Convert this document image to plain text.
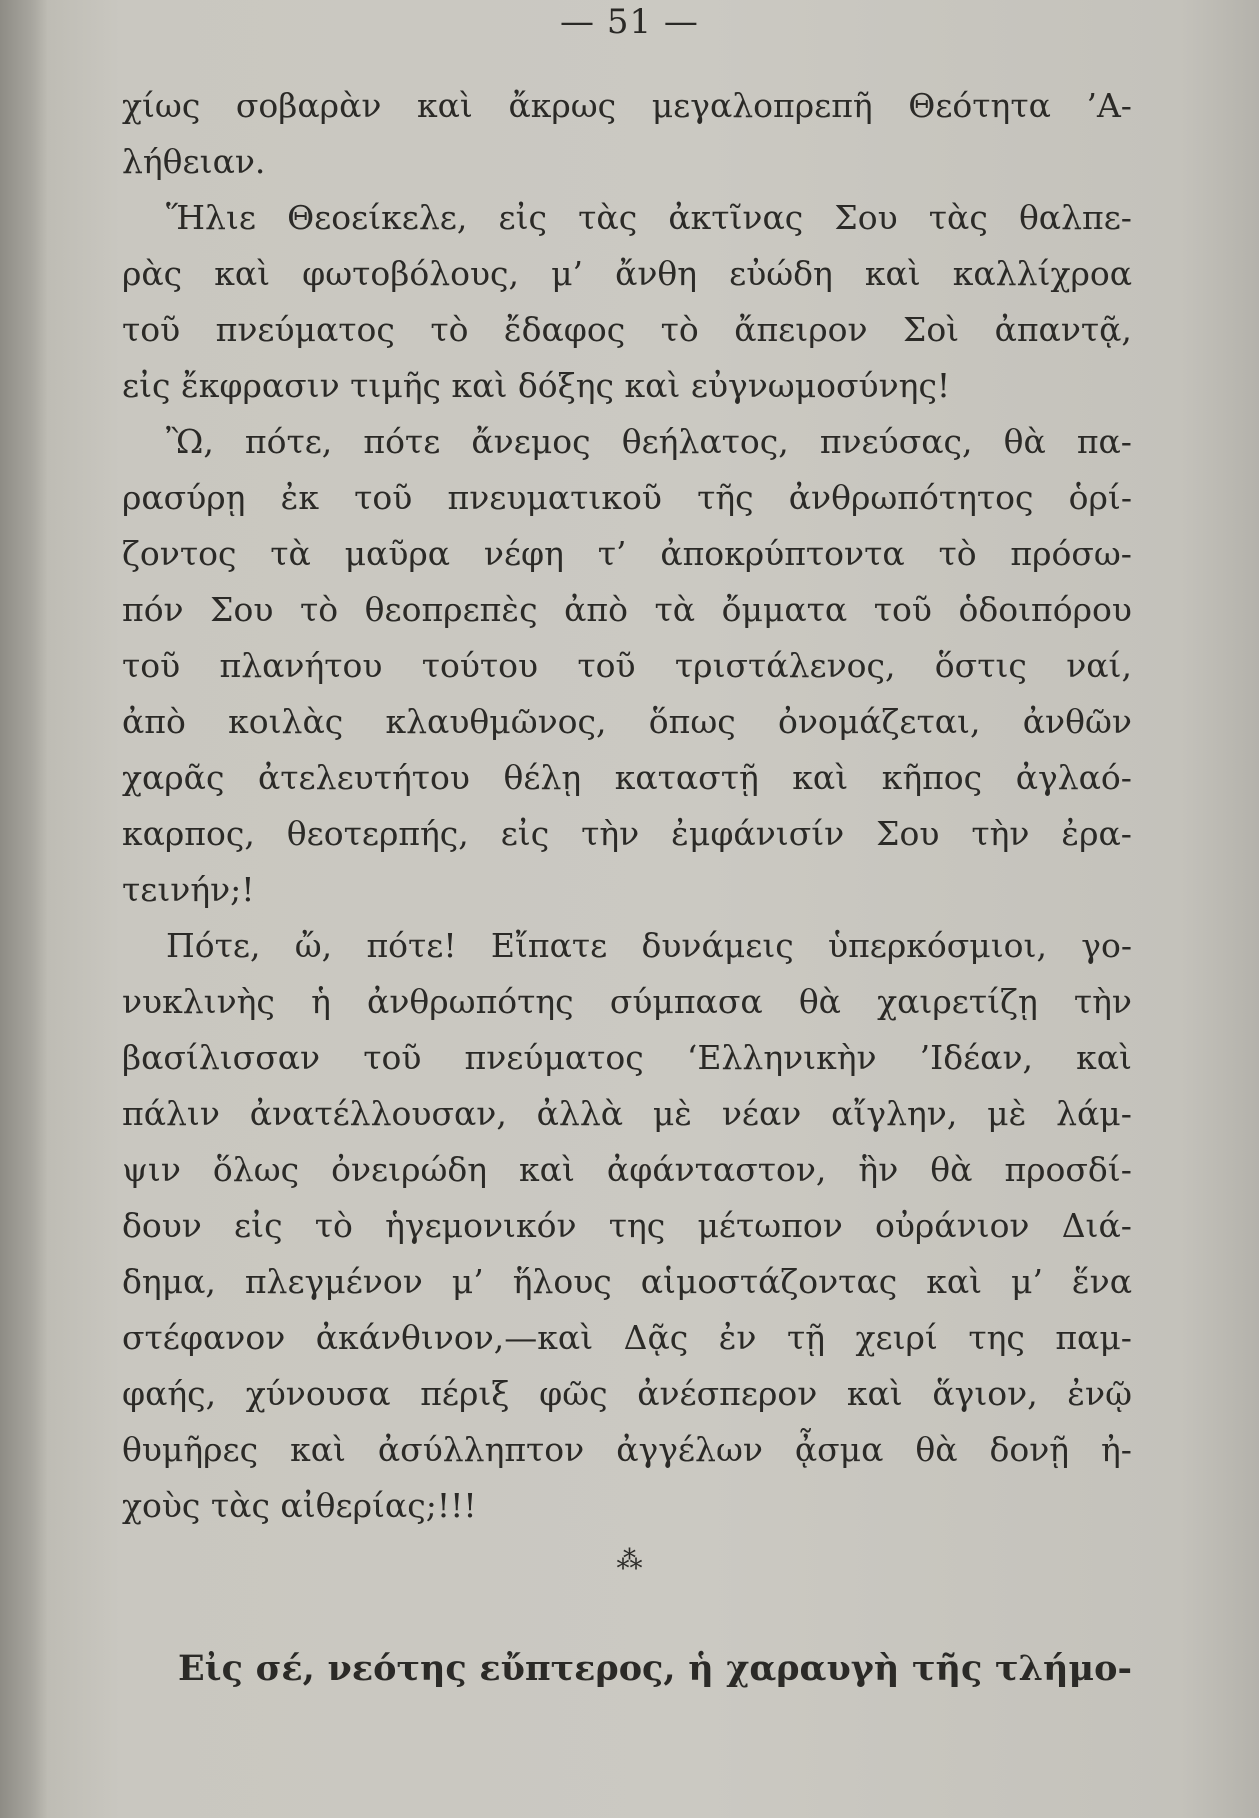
— 51 —
χίως σοβαρὰν καὶ ἄκρως μεγαλοπρεπῆ Θεότητα ’Α-
λήθειαν.
Ἥλιε Θεοείκελε, εἰς τὰς ἀκτῖνας Σου τὰς θαλπε-
ρὰς καὶ φωτοβόλους, μ’ ἄνθη εὐώδη καὶ καλλίχροα
τοῦ πνεύματος τὸ ἔδαφος τὸ ἄπειρον Σοὶ ἀπαντᾷ,
εἰς ἔκφρασιν τιμῆς καὶ δόξης καὶ εὐγνωμοσύνης!
Ὢ, πότε, πότε ἄνεμος θεήλατος, πνεύσας, θὰ πα-
ρασύρῃ ἐκ τοῦ πνευματικοῦ τῆς ἀνθρωπότητος ὁρί-
ζοντος τὰ μαῦρα νέφη τ’ ἀποκρύπτοντα τὸ πρόσω-
πόν Σου τὸ θεοπρεπὲς ἀπὸ τὰ ὄμματα τοῦ ὁδοιπόρου
τοῦ πλανήτου τούτου τοῦ τριστάλενος, ὅστις ναί,
ἀπὸ κοιλὰς κλαυθμῶνος, ὅπως ὀνομάζεται, ἀνθῶν
χαρᾶς ἀτελευτήτου θέλῃ καταστῇ καὶ κῆπος ἀγλαό-
καρπος, θεοτερπής, εἰς τὴν ἐμφάνισίν Σου τὴν ἐρα-
τεινήν;!
Πότε, ὤ, πότε! Εἴπατε δυνάμεις ὑπερκόσμιοι, γο-
νυκλινὴς ἡ ἀνθρωπότης σύμπασα θὰ χαιρετίζῃ τὴν
βασίλισσαν τοῦ πνεύματος ‘Ελληνικὴν ’Ιδέαν, καὶ
πάλιν ἀνατέλλουσαν, ἀλλὰ μὲ νέαν αἴγλην, μὲ λάμ-
ψιν ὅλως ὀνειρώδη καὶ ἀφάνταστον, ἣν θὰ προσδί-
δουν εἰς τὸ ἡγεμονικόν της μέτωπον οὐράνιον Διά-
δημα, πλεγμένον μ’ ἥλους αἱμοστάζοντας καὶ μ’ ἕνα
στέφανον ἀκάνθινον,—καὶ Δᾷς ἐν τῇ χειρί της παμ-
φαής, χύνουσα πέριξ φῶς ἀνέσπερον καὶ ἅγιον, ἐνῷ
θυμῆρες καὶ ἀσύλληπτον ἀγγέλων ᾆσμα θὰ δονῇ ἠ-
χοὺς τὰς αἰθερίας;!!!
⁂
Εἰς σέ, νεότης εὔπτερος, ἡ χαραυγὴ τῆς τλήμο-
